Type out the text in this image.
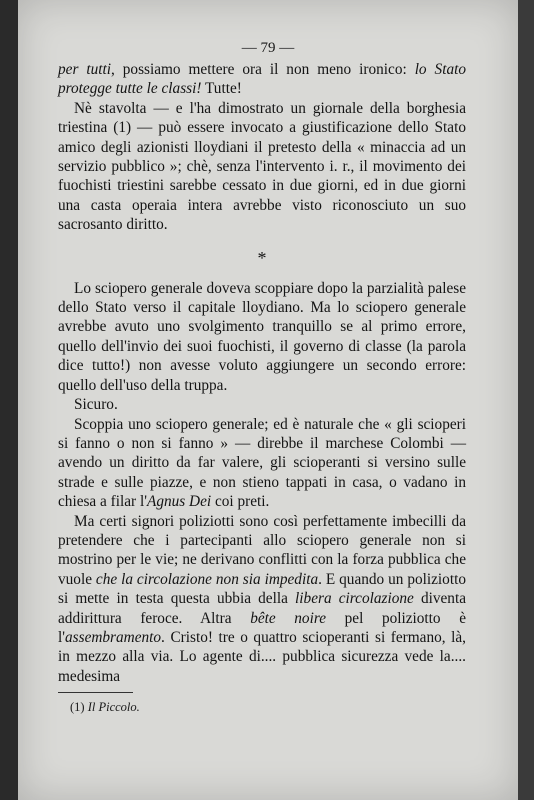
— 79 —

per tutti, possiamo mettere ora il non meno ironico: lo Stato protegge tutte le classi! Tutte!

Nè stavolta — e l'ha dimostrato un giornale della borghesia triestina (1) — può essere invocato a giustificazione dello Stato amico degli azionisti lloydiani il pretesto della « minaccia ad un servizio pubblico »; chè, senza l'intervento i. r., il movimento dei fuochisti triestini sarebbe cessato in due giorni, ed in due giorni una casta operaia intera avrebbe visto riconosciuto un suo sacrosanto diritto.

*

Lo sciopero generale doveva scoppiare dopo la parzialità palese dello Stato verso il capitale lloydiano. Ma lo sciopero generale avrebbe avuto uno svolgimento tranquillo se al primo errore, quello dell'invio dei suoi fuochisti, il governo di classe (la parola dice tutto!) non avesse voluto aggiungere un secondo errore: quello dell'uso della truppa.

Sicuro.

Scoppia uno sciopero generale; ed è naturale che « gli scioperi si fanno o non si fanno » — direbbe il marchese Colombi — avendo un diritto da far valere, gli scioperanti si versino sulle strade e sulle piazze, e non stieno tappati in casa, o vadano in chiesa a filar l'Agnus Dei coi preti.

Ma certi signori poliziotti sono così perfettamente imbecilli da pretendere che i partecipanti allo sciopero generale non si mostrino per le vie; ne derivano conflitti con la forza pubblica che vuole che la circolazione non sia impedita. E quando un poliziotto si mette in testa questa ubbia della libera circolazione diventa addirittura feroce. Altra bête noire pel poliziotto è l'assembramento. Cristo! tre o quattro scioperanti si fermano, là, in mezzo alla via. Lo agente di.... pubblica sicurezza vede la.... medesima

(1) Il Piccolo.
